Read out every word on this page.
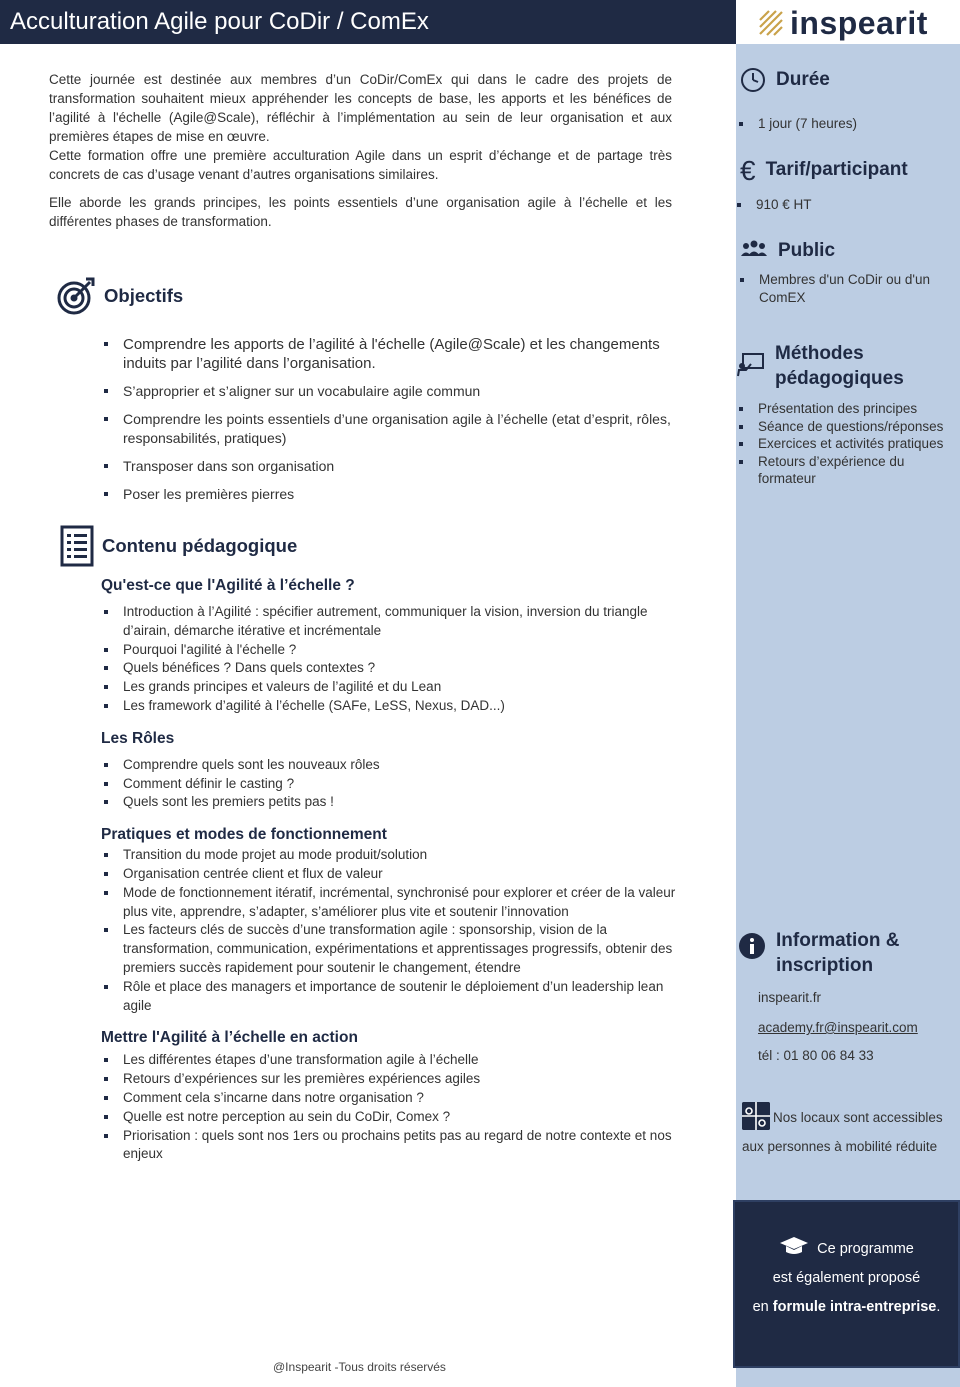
Acculturation Agile pour CoDir / ComEx	inspearit

Cette journée est destinée aux membres d’un CoDir/ComEx qui dans le cadre des projets de transformation souhaitent mieux appréhender les concepts de base, les apports et les bénéfices de l’agilité à l'échelle (Agile@Scale), réfléchir à l’implémentation au sein de leur organisation et aux premières étapes de mise en œuvre.

Cette formation offre une première acculturation Agile dans un esprit d’échange et de partage très concrets de cas d’usage venant d’autres organisations similaires.

Elle aborde les grands principes, les points essentiels d’une organisation agile à l’échelle et les différentes phases de transformation.

Objectifs
Comprendre les apports de l’agilité à l'échelle (Agile@Scale) et les changements induits par l’agilité dans l’organisation.
S’approprier et s’aligner sur un vocabulaire agile commun
Comprendre les points essentiels d’une organisation agile à l’échelle (etat d’esprit, rôles, responsabilités, pratiques)
Transposer dans son organisation
Poser les premières pierres
Contenu pédagogique
Qu'est-ce que l'Agilité à l’échelle ?
Introduction à l’Agilité : spécifier autrement, communiquer la vision, inversion du triangle d’airain, démarche itérative et incrémentale
Pourquoi l'agilité à l'échelle ?
Quels bénéfices ? Dans quels contextes ?
Les grands principes et valeurs de l’agilité et du Lean
Les framework d’agilité à l’échelle (SAFe, LeSS, Nexus, DAD...)
Les Rôles
Comprendre quels sont les nouveaux rôles
Comment définir le casting ?
Quels sont les premiers petits pas !
Pratiques et modes de fonctionnement
Transition du mode projet au mode produit/solution
Organisation centrée client et flux de valeur
Mode de fonctionnement itératif, incrémental, synchronisé pour explorer et créer de la valeur plus vite, apprendre, s’adapter, s’améliorer plus vite et soutenir l’innovation
Les facteurs clés de succès d’une transformation agile : sponsorship, vision de la transformation, communication, expérimentations et apprentissages progressifs, obtenir des premiers succès rapidement pour soutenir le changement, étendre
Rôle et place des managers et importance de soutenir le déploiement d’un leadership lean agile
Mettre l'Agilité à l’échelle en action
Les différentes étapes d’une transformation agile à l’échelle
Retours d’expériences sur les premières expériences agiles
Comment cela s’incarne dans notre organisation ?
Quelle est notre perception au sein du CoDir, Comex ?
Priorisation : quels sont nos 1ers ou prochains petits pas au regard de notre contexte et nos enjeux
Durée
1 jour (7 heures)
€ Tarif/participant
910 € HT
Public
Membres d'un CoDir ou d'un ComEX
Méthodes
pédagogiques
Présentation des principes
Séance de questions/réponses
Exercices et activités pratiques
Retours d’expérience du formateur
Information &
inscription
inspearit.fr
academy.fr@inspearit.com
tél : 01 80 06 84 33
Nos locaux sont accessibles aux personnes à mobilité réduite
Ce programme
est également proposé
en formule intra-entreprise.
@Inspearit -Tous droits réservés
